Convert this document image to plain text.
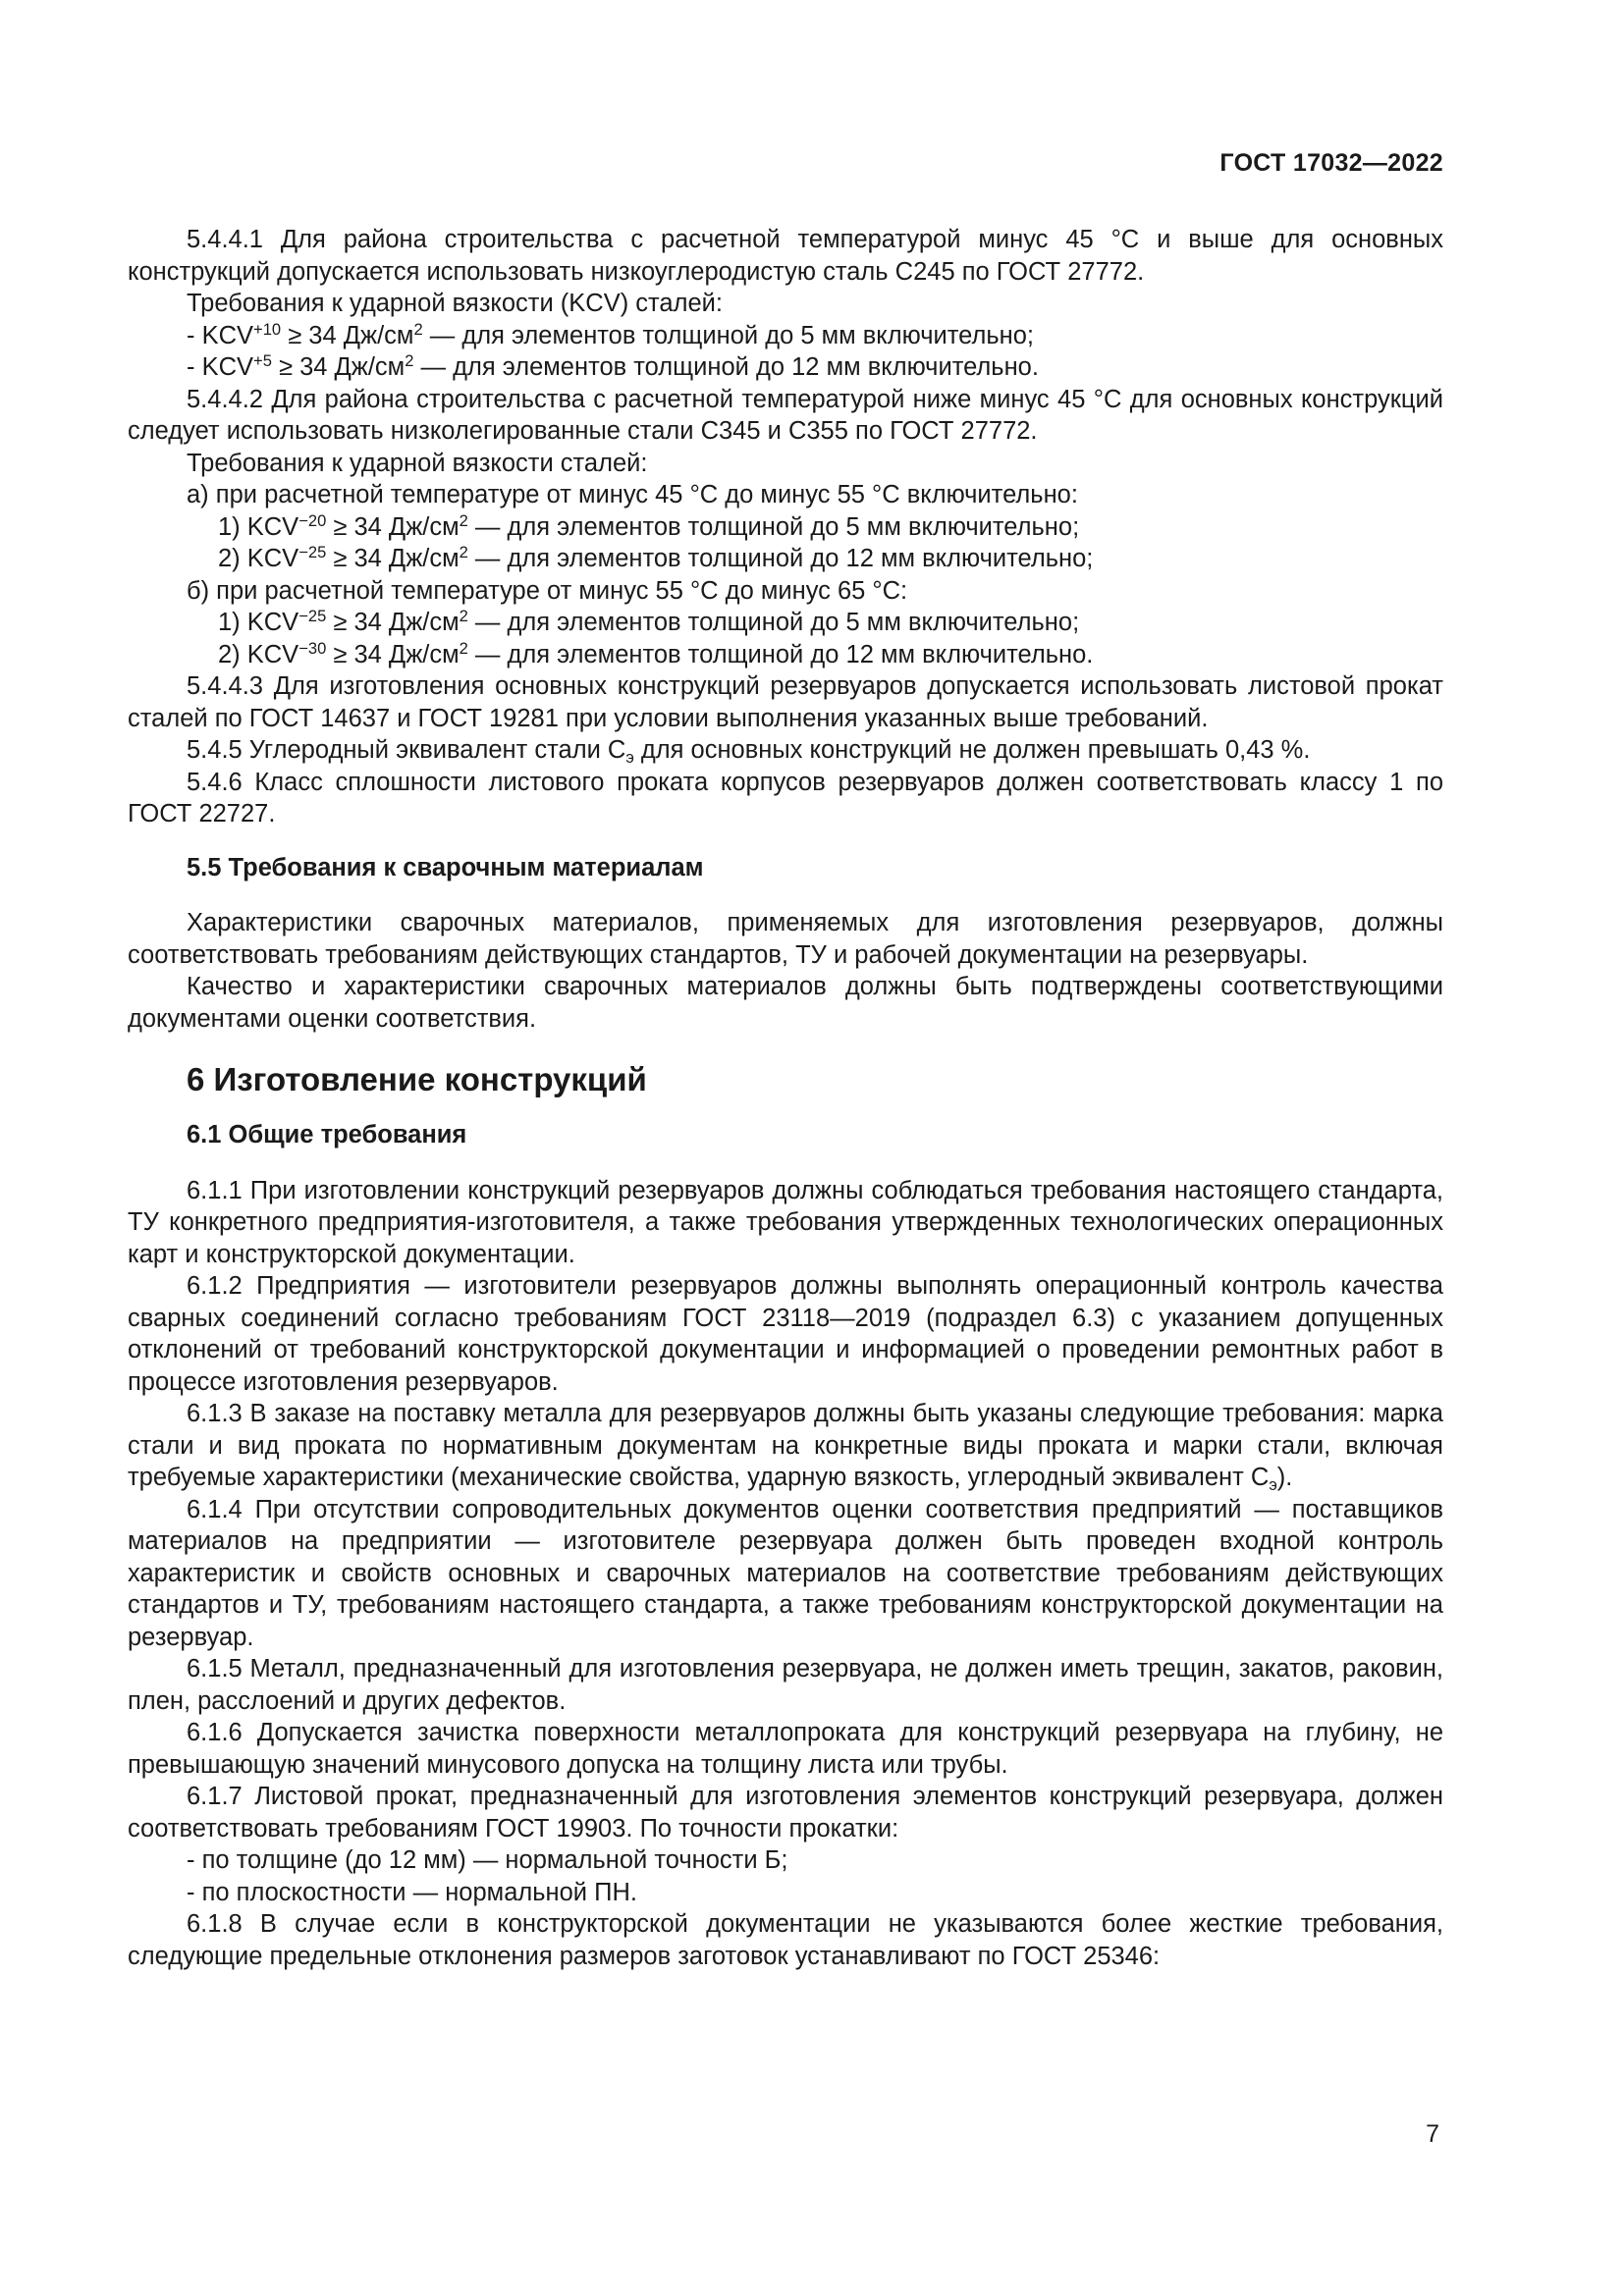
ГОСТ 17032—2022

5.4.4.1 Для района строительства с расчетной температурой минус 45 °С и выше для основных конструкций допускается использовать низкоуглеродистую сталь С245 по ГОСТ 27772.

Требования к ударной вязкости (KCV) сталей:

- $KCV^{+10} \ge 34$ $Дж/см^2$ — для элементов толщиной до 5 мм включительно;

- $KCV^{+5} \ge 34$ $Дж/см^2$ — для элементов толщиной до 12 мм включительно.

5.4.4.2 Для района строительства с расчетной температурой ниже минус 45 °С для основных конструкций следует использовать низколегированные стали С345 и С355 по ГОСТ 27772.

Требования к ударной вязкости сталей:

а) при расчетной температуре от минус 45 °С до минус 55 °С включительно:

1) $KCV^{-20} \ge 34$ $Дж/см^2$ — для элементов толщиной до 5 мм включительно;

2) $KCV^{-25} \ge 34$ $Дж/см^2$ — для элементов толщиной до 12 мм включительно;

б) при расчетной температуре от минус 55 °С до минус 65 °С:

1) $KCV^{-25} \ge 34$ $Дж/см^2$ — для элементов толщиной до 5 мм включительно;

2) $KCV^{-30} \ge 34$ $Дж/см^2$ — для элементов толщиной до 12 мм включительно.

5.4.4.3 Для изготовления основных конструкций резервуаров допускается использовать листовой прокат сталей по ГОСТ 14637 и ГОСТ 19281 при условии выполнения указанных выше требований.

5.4.5 Углеродный эквивалент стали $С_э$ для основных конструкций не должен превышать 0,43 %.

5.4.6 Класс сплошности листового проката корпусов резервуаров должен соответствовать классу 1 по ГОСТ 22727.

5.5 Требования к сварочным материалам

Характеристики сварочных материалов, применяемых для изготовления резервуаров, должны соответствовать требованиям действующих стандартов, ТУ и рабочей документации на резервуары.

Качество и характеристики сварочных материалов должны быть подтверждены соответствующими документами оценки соответствия.

6 Изготовление конструкций
6.1 Общие требования

6.1.1 При изготовлении конструкций резервуаров должны соблюдаться требования настоящего стандарта, ТУ конкретного предприятия-изготовителя, а также требования утвержденных технологических операционных карт и конструкторской документации.

6.1.2 Предприятия — изготовители резервуаров должны выполнять операционный контроль качества сварных соединений согласно требованиям ГОСТ 23118—2019 (подраздел 6.3) с указанием допущенных отклонений от требований конструкторской документации и информацией о проведении ремонтных работ в процессе изготовления резервуаров.

6.1.3 В заказе на поставку металла для резервуаров должны быть указаны следующие требования: марка стали и вид проката по нормативным документам на конкретные виды проката и марки стали, включая требуемые характеристики (механические свойства, ударную вязкость, углеродный эквивалент $С_э$).

6.1.4 При отсутствии сопроводительных документов оценки соответствия предприятий — поставщиков материалов на предприятии — изготовителе резервуара должен быть проведен входной контроль характеристик и свойств основных и сварочных материалов на соответствие требованиям действующих стандартов и ТУ, требованиям настоящего стандарта, а также требованиям конструкторской документации на резервуар.

6.1.5 Металл, предназначенный для изготовления резервуара, не должен иметь трещин, закатов, раковин, плен, расслоений и других дефектов.

6.1.6 Допускается зачистка поверхности металлопроката для конструкций резервуара на глубину, не превышающую значений минусового допуска на толщину листа или трубы.

6.1.7 Листовой прокат, предназначенный для изготовления элементов конструкций резервуара, должен соответствовать требованиям ГОСТ 19903. По точности прокатки:

- по толщине (до 12 мм) — нормальной точности Б;

- по плоскостности — нормальной ПН.

6.1.8 В случае если в конструкторской документации не указываются более жесткие требования, следующие предельные отклонения размеров заготовок устанавливают по ГОСТ 25346:

7
